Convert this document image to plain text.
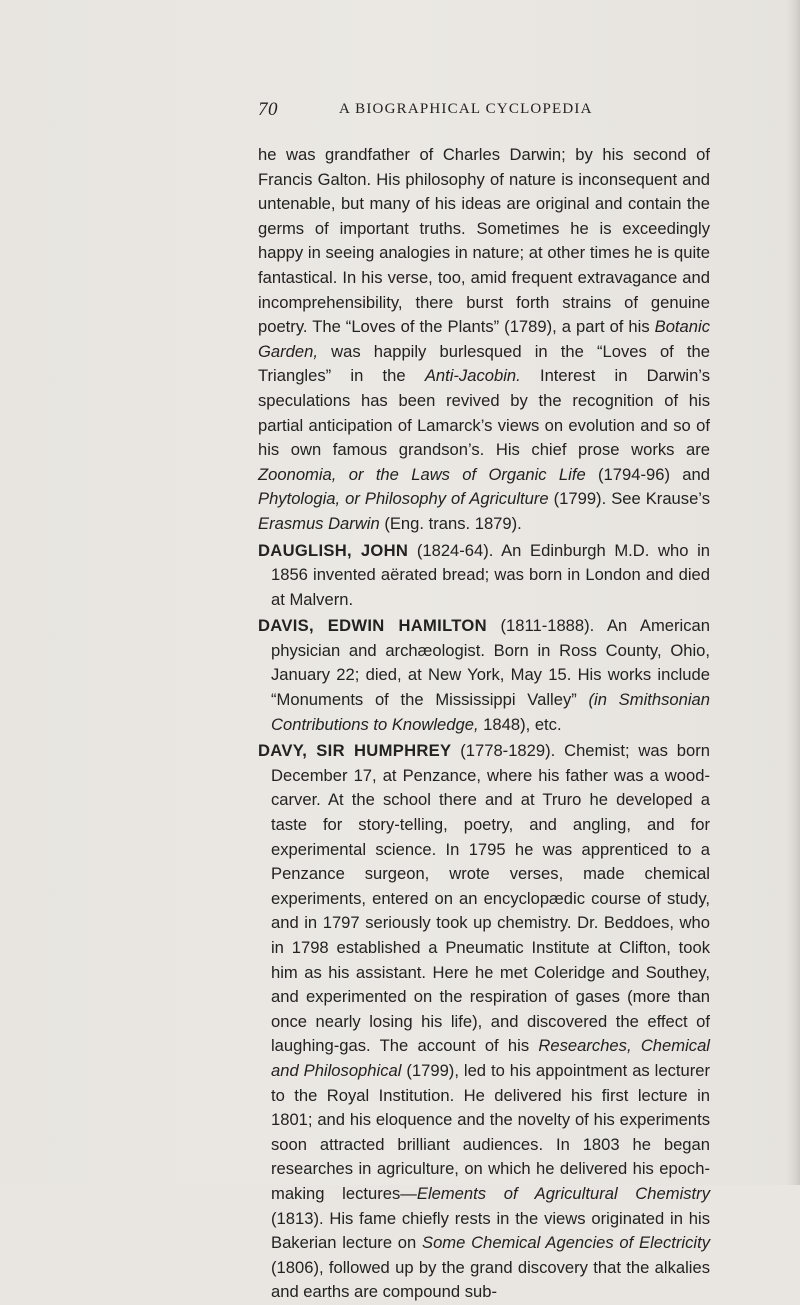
70	A BIOGRAPHICAL CYCLOPEDIA

he was grandfather of Charles Darwin; by his second of Francis Galton. His philosophy of nature is inconsequent and untenable, but many of his ideas are original and contain the germs of important truths. Sometimes he is exceedingly happy in seeing analogies in nature; at other times he is quite fantastical. In his verse, too, amid frequent extravagance and incomprehensibility, there burst forth strains of genuine poetry. The “Loves of the Plants” (1789), a part of his Botanic Garden, was happily burlesqued in the “Loves of the Triangles” in the Anti-Jacobin. Interest in Darwin’s speculations has been revived by the recognition of his partial anticipation of Lamarck’s views on evolution and so of his own famous grandson’s. His chief prose works are Zoonomia, or the Laws of Organic Life (1794-96) and Phytologia, or Philosophy of Agriculture (1799). See Krause’s Erasmus Darwin (Eng. trans. 1879).

DAUGLISH, JOHN (1824-64). An Edinburgh M.D. who in 1856 invented aërated bread; was born in London and died at Malvern.

DAVIS, EDWIN HAMILTON (1811-1888). An American physician and archæologist. Born in Ross County, Ohio, January 22; died, at New York, May 15. His works include “Monuments of the Mississippi Valley” (in Smithsonian Contributions to Knowledge, 1848), etc.

DAVY, SIR HUMPHREY (1778-1829). Chemist; was born December 17, at Penzance, where his father was a wood-carver. At the school there and at Truro he developed a taste for story-telling, poetry, and angling, and for experimental science. In 1795 he was apprenticed to a Penzance surgeon, wrote verses, made chemical experiments, entered on an encyclopædic course of study, and in 1797 seriously took up chemistry. Dr. Beddoes, who in 1798 established a Pneumatic Institute at Clifton, took him as his assistant. Here he met Coleridge and Southey, and experimented on the respiration of gases (more than once nearly losing his life), and discovered the effect of laughing-gas. The account of his Researches, Chemical and Philosophical (1799), led to his appointment as lecturer to the Royal Institution. He delivered his first lecture in 1801; and his eloquence and the novelty of his experiments soon attracted brilliant audiences. In 1803 he began researches in agriculture, on which he delivered his epoch-making lectures—Elements of Agricultural Chemistry (1813). His fame chiefly rests in the views originated in his Bakerian lecture on Some Chemical Agencies of Electricity (1806), followed up by the grand discovery that the alkalies and earths are compound sub-
